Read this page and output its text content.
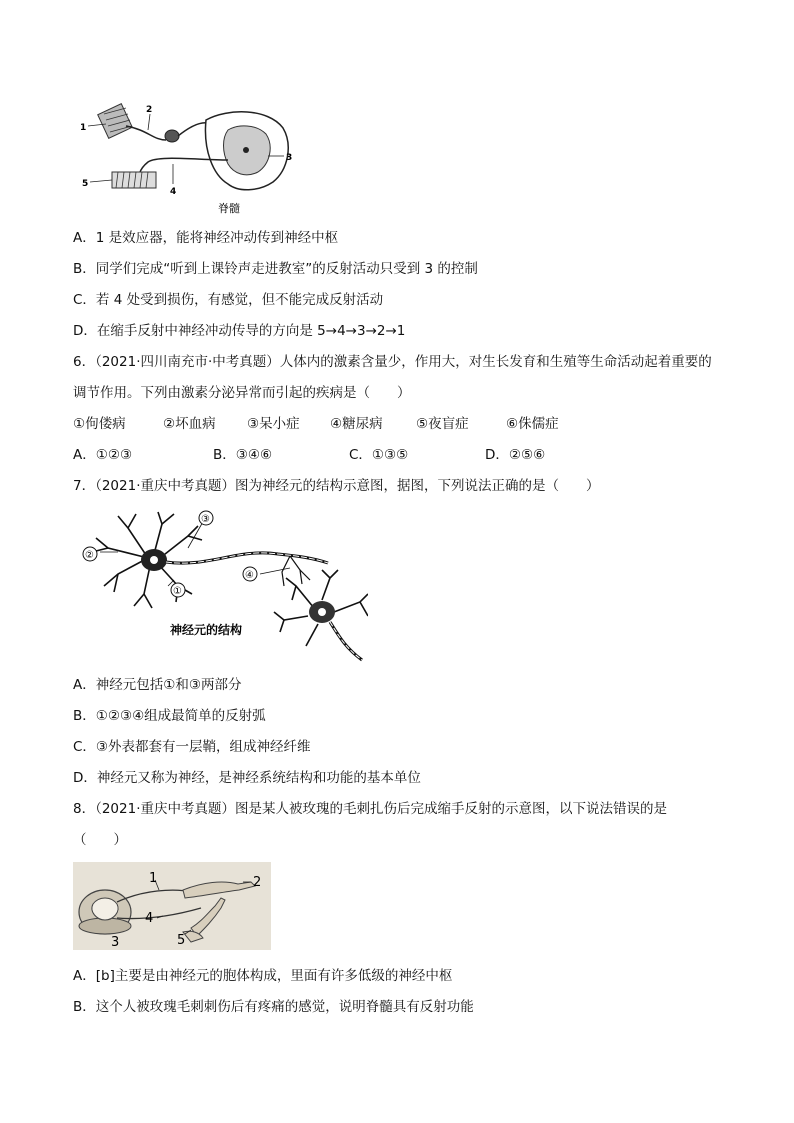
1
2
3
4
5
脊髓
A．1 是效应器，能将神经冲动传到神经中枢
B．同学们完成“听到上课铃声走进教室”的反射活动只受到 3 的控制
C．若 4 处受到损伤，有感觉，但不能完成反射活动
D．在缩手反射中神经冲动传导的方向是 5→4→3→2→1
6．（2021·四川南充市·中考真题）人体内的激素含量少，作用大，对生长发育和生殖等生命活动起着重要的
调节作用。下列由激素分泌异常而引起的疾病是（　　）
①佝偻病	②坏血病 ③呆小症 ④糖尿病 ⑤夜盲症	⑥侏儒症
A．①②③	B．③④⑥	C．①③⑤	D．②⑤⑥
7．（2021·重庆中考真题）图为神经元的结构示意图，据图，下列说法正确的是（　　）
①
②
③
④
神经元的结构
A．神经元包括①和③两部分
B．①②③④组成最简单的反射弧
C．③外表都套有一层鞘，组成神经纤维
D．神经元又称为神经，是神经系统结构和功能的基本单位
8．（2021·重庆中考真题）图是某人被玫瑰的毛刺扎伤后完成缩手反射的示意图，以下说法错误的是
（　　）
1	2
3
4
5
A．[b]主要是由神经元的胞体构成，里面有许多低级的神经中枢
B．这个人被玫瑰毛刺刺伤后有疼痛的感觉，说明脊髓具有反射功能
